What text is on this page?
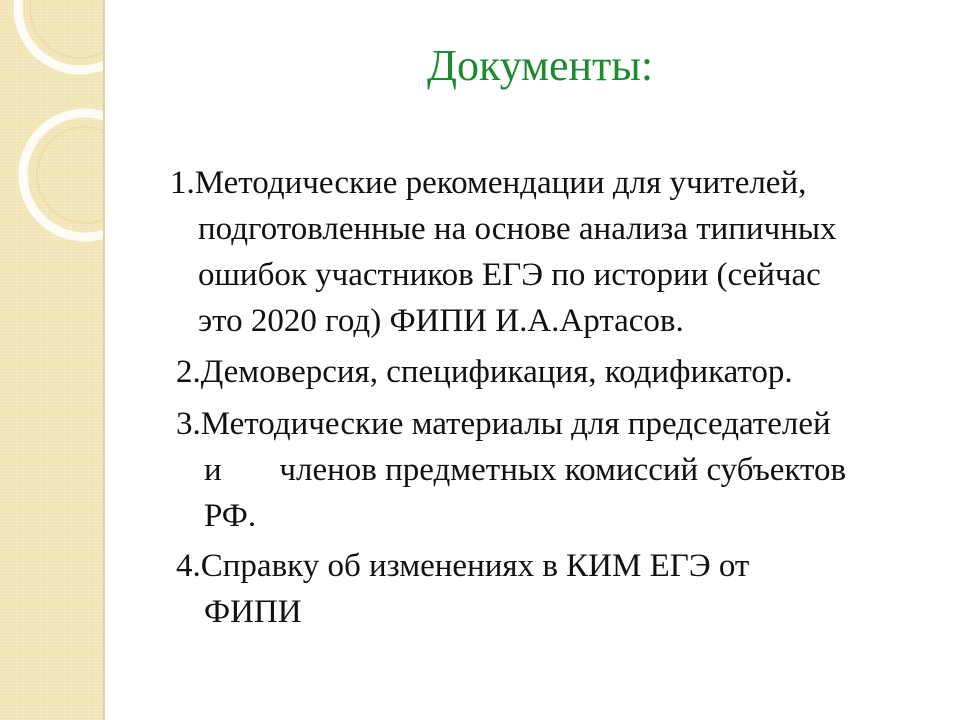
Документы:
1.Методические рекомендации для учителей,
подготовленные на основе анализа типичных
ошибок участников ЕГЭ по истории (сейчас
это 2020 год) ФИПИ И.А.Артасов.
2.Демоверсия, спецификация, кодификатор.
3.Методические материалы для председателей
и       членов предметных комиссий субъектов
РФ.
4.Справку об изменениях в КИМ ЕГЭ от
ФИПИ
